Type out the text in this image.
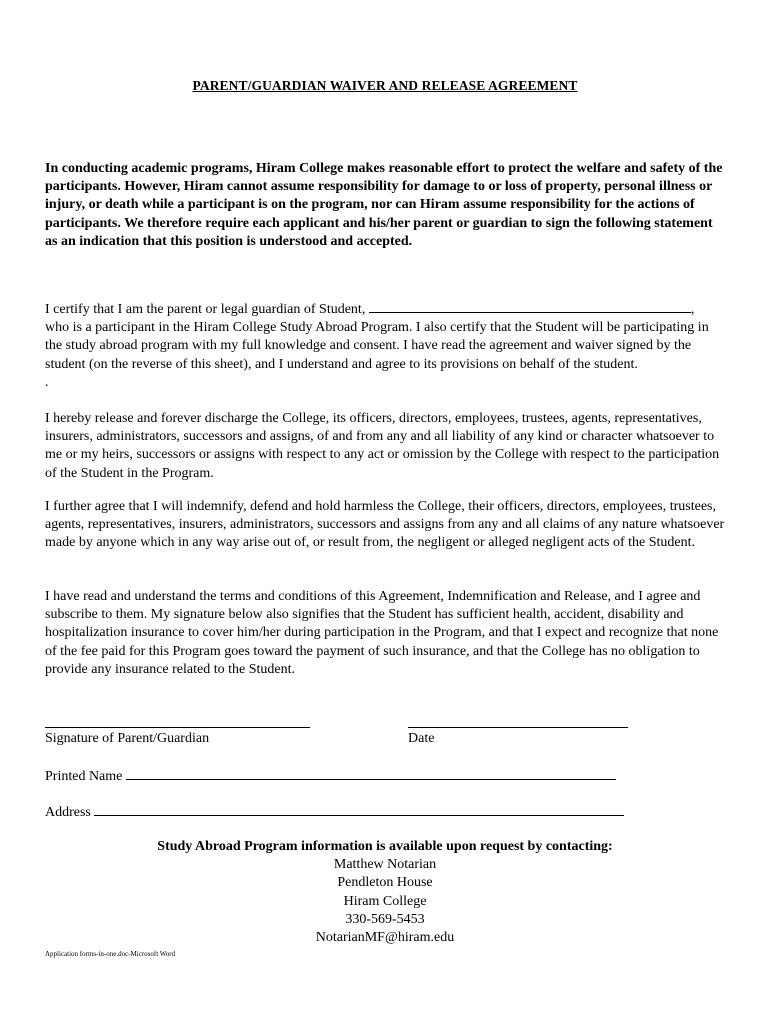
PARENT/GUARDIAN WAIVER AND RELEASE AGREEMENT
In conducting academic programs, Hiram College makes reasonable effort to protect the welfare and safety of the participants. However, Hiram cannot assume responsibility for damage to or loss of property, personal illness or injury, or death while a participant is on the program, nor can Hiram assume responsibility for the actions of participants. We therefore require each applicant and his/her parent or guardian to sign the following statement as an indication that this position is understood and accepted.
I certify that I am the parent or legal guardian of Student,	,
who is a participant in the Hiram College Study Abroad Program. I also certify that the Student will be participating in the study abroad program with my full knowledge and consent. I have read the agreement and waiver signed by the student (on the reverse of this sheet), and I understand and agree to its provisions on behalf of the student.
.
I hereby release and forever discharge the College, its officers, directors, employees, trustees, agents, representatives, insurers, administrators, successors and assigns, of and from any and all liability of any kind or character whatsoever to me or my heirs, successors or assigns with respect to any act or omission by the College with respect to the participation of the Student in the Program.
I further agree that I will indemnify, defend and hold harmless the College, their officers, directors, employees, trustees, agents, representatives, insurers, administrators, successors and assigns from any and all claims of any nature whatsoever made by anyone which in any way arise out of, or result from, the negligent or alleged negligent acts of the Student.
I have read and understand the terms and conditions of this Agreement, Indemnification and Release, and I agree and subscribe to them. My signature below also signifies that the Student has sufficient health, accident, disability and hospitalization insurance to cover him/her during participation in the Program, and that I expect and recognize that none of the fee paid for this Program goes toward the payment of such insurance, and that the College has no obligation to provide any insurance related to the Student.
Signature of Parent/Guardian	Date
Printed Name
Address
Study Abroad Program information is available upon request by contacting:
Matthew Notarian
Pendleton House
Hiram College
330-569-5453
NotarianMF@hiram.edu
Application forms-in-one.doc-Microsoft Word
